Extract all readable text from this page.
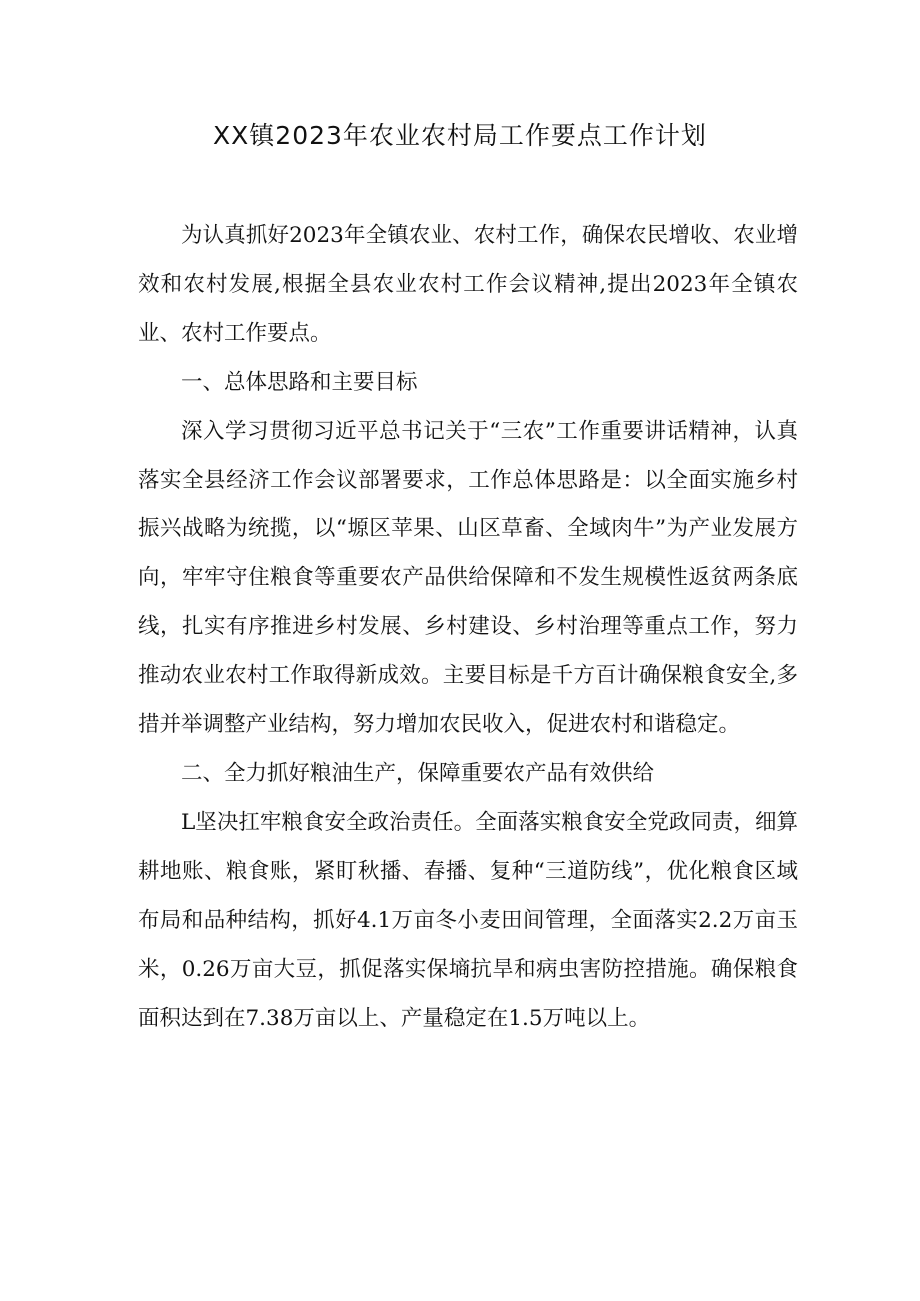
XX镇2023年农业农村局工作要点工作计划

为认真抓好2023年全镇农业、农村工作，确保农民增收、农业增效和农村发展,根据全县农业农村工作会议精神,提出2023年全镇农业、农村工作要点。

一、总体思路和主要目标

深入学习贯彻习近平总书记关于“三农”工作重要讲话精神，认真落实全县经济工作会议部署要求，工作总体思路是：以全面实施乡村振兴战略为统揽，以“塬区苹果、山区草畜、全域肉牛”为产业发展方向，牢牢守住粮食等重要农产品供给保障和不发生规模性返贫两条底线，扎实有序推进乡村发展、乡村建设、乡村治理等重点工作，努力推动农业农村工作取得新成效。主要目标是千方百计确保粮食安全,多措并举调整产业结构，努力增加农民收入，促进农村和谐稳定。

二、全力抓好粮油生产，保障重要农产品有效供给

L坚决扛牢粮食安全政治责任。全面落实粮食安全党政同责，细算耕地账、粮食账，紧盯秋播、春播、复种“三道防线”，优化粮食区域布局和品种结构，抓好4.1万亩冬小麦田间管理，全面落实2.2万亩玉米，0.26万亩大豆，抓促落实保墒抗旱和病虫害防控措施。确保粮食面积达到在7.38万亩以上、产量稳定在1.5万吨以上。
